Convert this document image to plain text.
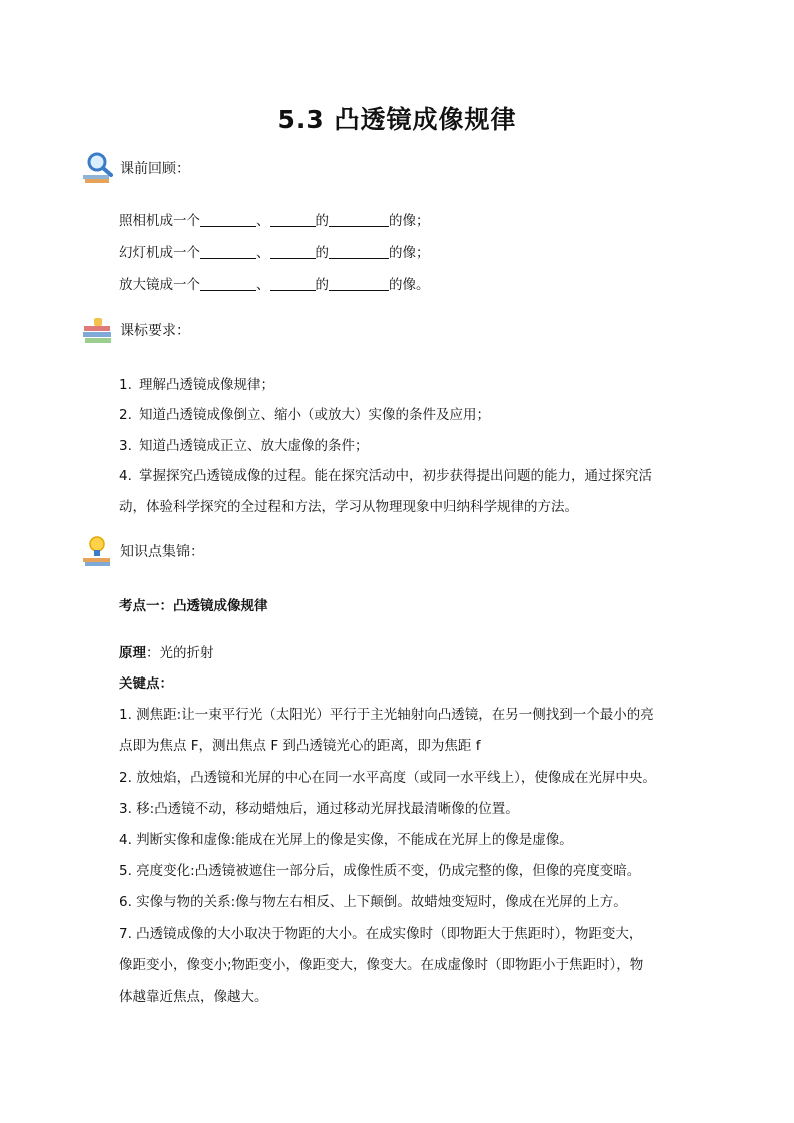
5.3 凸透镜成像规律
课前回顾：
照相机成一个	、	的	的像；
幻灯机成一个	、	的	的像；
放大镜成一个	、	的	的像。
课标要求：
1. 理解凸透镜成像规律；
2. 知道凸透镜成像倒立、缩小（或放大）实像的条件及应用；
3. 知道凸透镜成正立、放大虚像的条件；
4. 掌握探究凸透镜成像的过程。能在探究活动中，初步获得提出问题的能力，通过探究活
动，体验科学探究的全过程和方法，学习从物理现象中归纳科学规律的方法。
知识点集锦：
考点一：凸透镜成像规律
原理：光的折射
关键点：
1. 测焦距:让一束平行光（太阳光）平行于主光轴射向凸透镜，在另一侧找到一个最小的亮
点即为焦点 F，测出焦点 F 到凸透镜光心的距离，即为焦距 f
2. 放烛焰，凸透镜和光屏的中心在同一水平高度（或同一水平线上），使像成在光屏中央。
3. 移:凸透镜不动，移动蜡烛后，通过移动光屏找最清晰像的位置。
4. 判断实像和虚像:能成在光屏上的像是实像，不能成在光屏上的像是虚像。
5. 亮度变化:凸透镜被遮住一部分后，成像性质不变，仍成完整的像，但像的亮度变暗。
6. 实像与物的关系:像与物左右相反、上下颠倒。故蜡烛变短时，像成在光屏的上方。
7. 凸透镜成像的大小取决于物距的大小。在成实像时（即物距大于焦距时），物距变大，
像距变小，像变小;物距变小，像距变大，像变大。在成虚像时（即物距小于焦距时），物
体越靠近焦点，像越大。
